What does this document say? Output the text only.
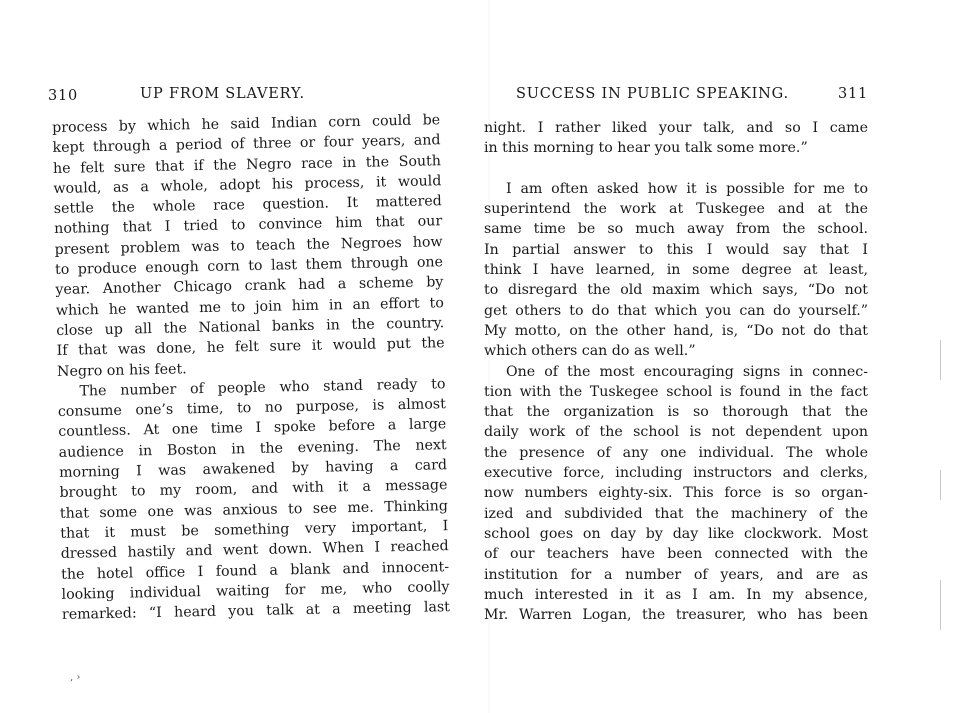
310	UP FROM SLAVERY.
process by which he said Indian corn could be
kept through a period of three or four years, and
he felt sure that if the Negro race in the South
would, as a whole, adopt his process, it would
settle the whole race question. It mattered
nothing that I tried to convince him that our
present problem was to teach the Negroes how
to produce enough corn to last them through one
year. Another Chicago crank had a scheme by
which he wanted me to join him in an effort to
close up all the National banks in the country.
If that was done, he felt sure it would put the
Negro on his feet.
The number of people who stand ready to
consume one’s time, to no purpose, is almost
countless. At one time I spoke before a large
audience in Boston in the evening. The next
morning I was awakened by having a card
brought to my room, and with it a message
that some one was anxious to see me. Thinking
that it must be something very important, I
dressed hastily and went down. When I reached
the hotel office I found a blank and innocent-
looking individual waiting for me, who coolly
remarked: “I heard you talk at a meeting last
‚ ›
SUCCESS IN PUBLIC SPEAKING.	311
night. I rather liked your talk, and so I came
in this morning to hear you talk some more.”
I am often asked how it is possible for me to
superintend the work at Tuskegee and at the
same time be so much away from the school.
In partial answer to this I would say that I
think I have learned, in some degree at least,
to disregard the old maxim which says, “Do not
get others to do that which you can do yourself.”
My motto, on the other hand, is, “Do not do that
which others can do as well.”
One of the most encouraging signs in connec-
tion with the Tuskegee school is found in the fact
that the organization is so thorough that the
daily work of the school is not dependent upon
the presence of any one individual. The whole
executive force, including instructors and clerks,
now numbers eighty-six. This force is so organ-
ized and subdivided that the machinery of the
school goes on day by day like clockwork. Most
of our teachers have been connected with the
institution for a number of years, and are as
much interested in it as I am. In my absence,
Mr. Warren Logan, the treasurer, who has been
